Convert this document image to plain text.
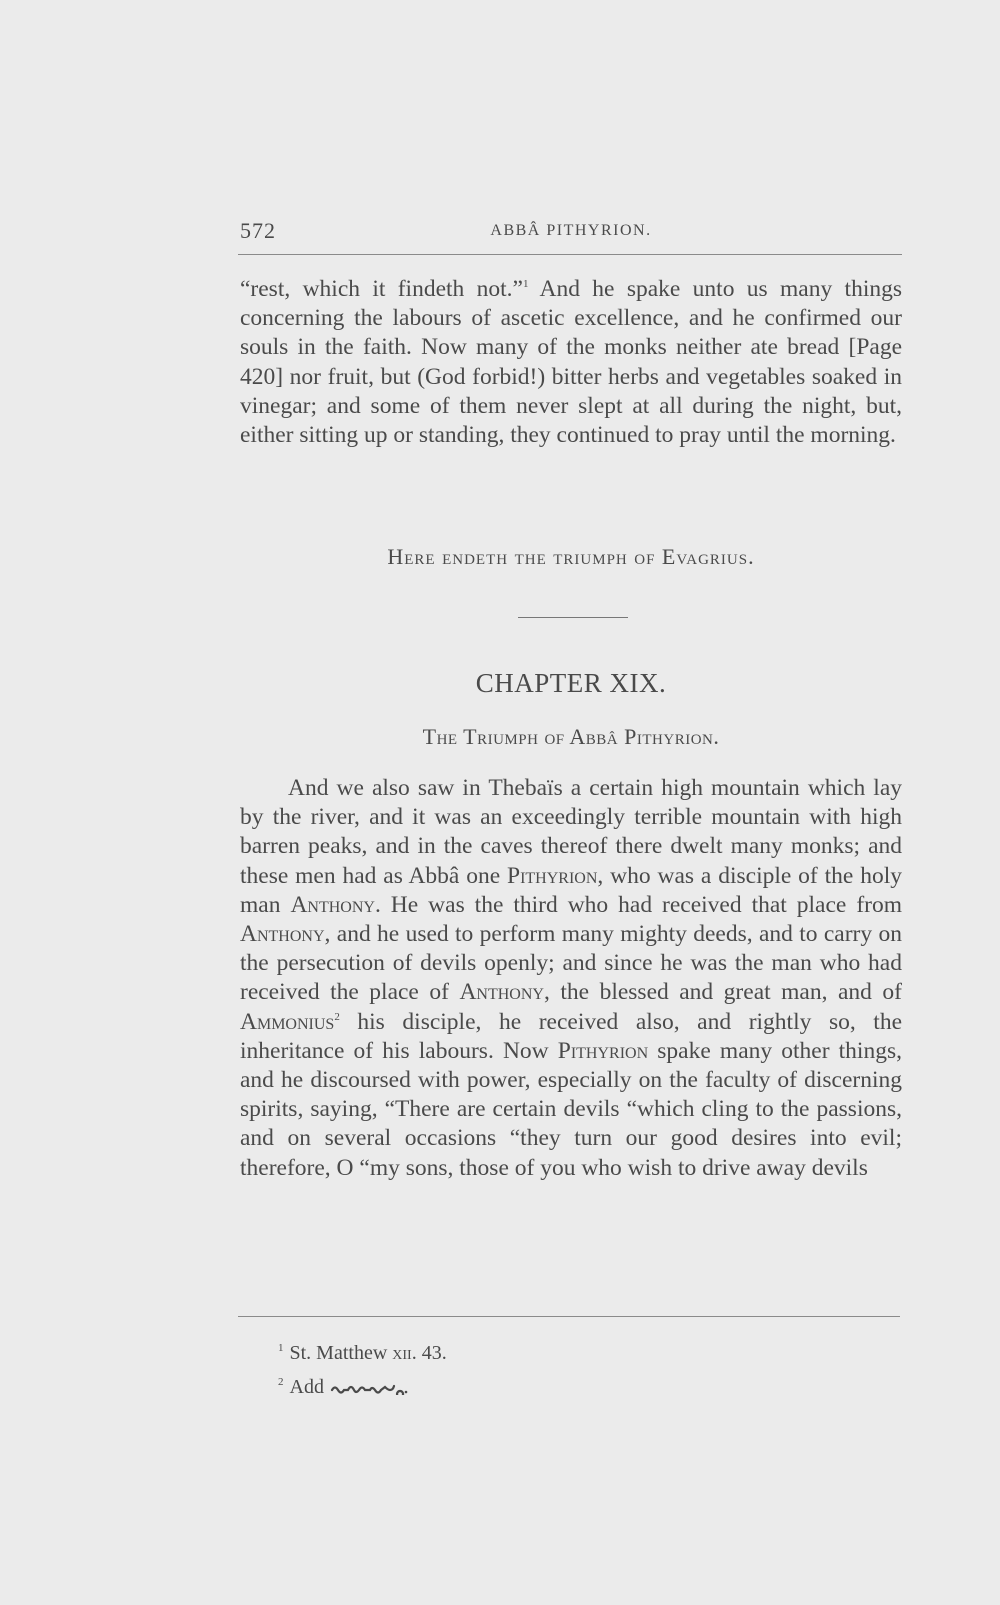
572	ABBÂ PITHYRION.

“rest, which it findeth not.”$^1$ And he spake unto us many things concerning the labours of ascetic excellence, and he confirmed our souls in the faith. Now many of the monks neither ate bread [Page 420] nor fruit, but (God forbid!) bitter herbs and vegetables soaked in vinegar; and some of them never slept at all during the night, but, either sitting up or standing, they continued to pray until the morning.

Here endeth the triumph of Evagrius.
CHAPTER XIX.
The Triumph of Abbâ Pithyrion.

And we also saw in Thebaïs a certain high mountain which lay by the river, and it was an exceedingly terrible mountain with high barren peaks, and in the caves thereof there dwelt many monks; and these men had as Abbâ one Pithyrion, who was a disciple of the holy man Anthony. He was the third who had received that place from Anthony, and he used to perform many mighty deeds, and to carry on the persecution of devils openly; and since he was the man who had received the place of Anthony, the blessed and great man, and of Ammonius$^2$ his disciple, he received also, and rightly so, the inheritance of his labours. Now Pithyrion spake many other things, and he discoursed with power, especially on the faculty of discerning spirits, saying, “There are certain devils “which cling to the passions, and on several occasions “they turn our good desires into evil; therefore, O “my sons, those of you who wish to drive away devils

$^1$ St. Matthew xii. 43.
$^2$ Add
